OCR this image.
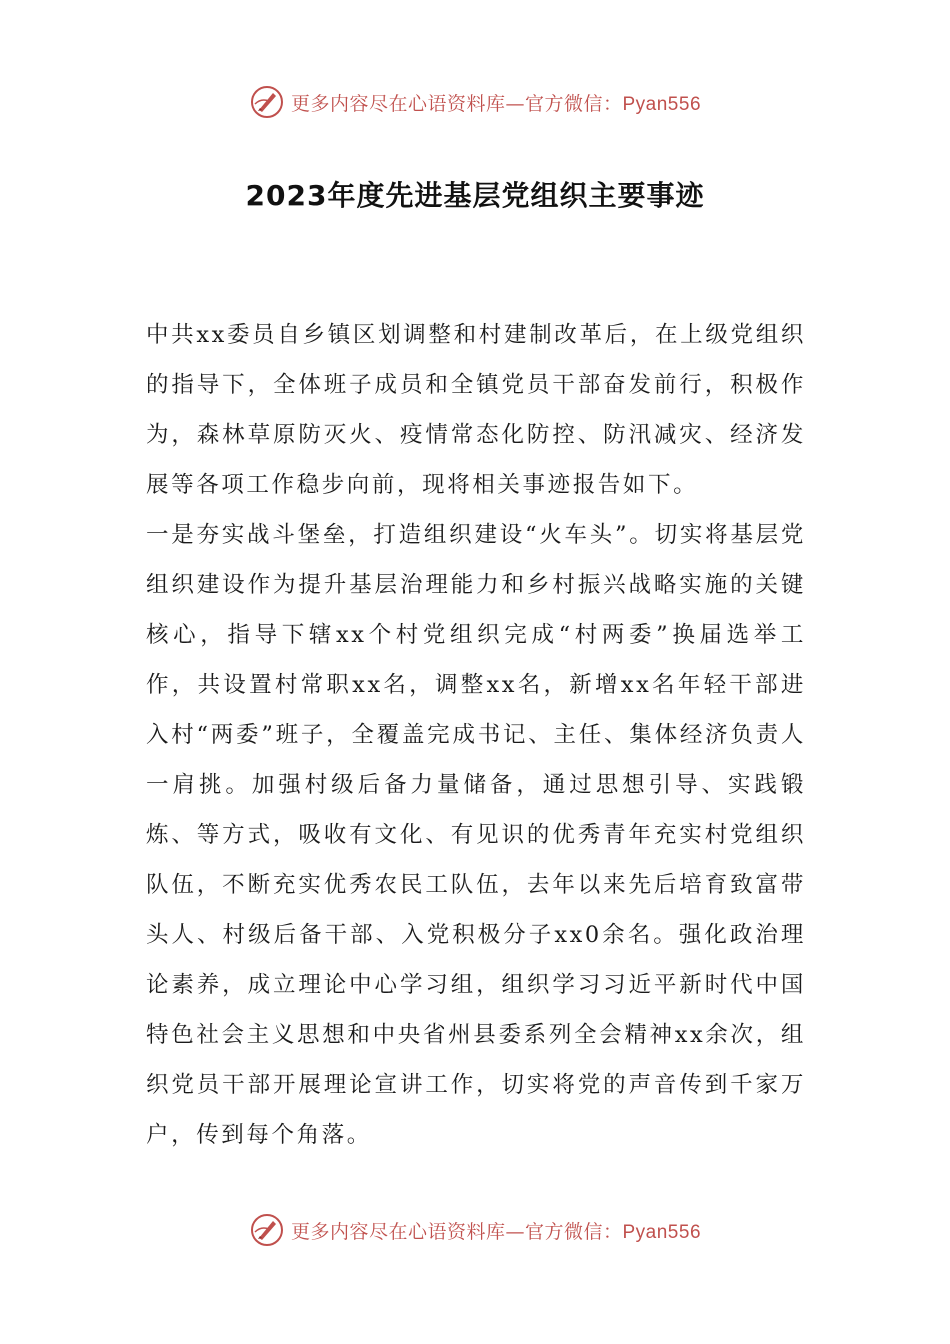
更多内容尽在心语资料库—官方微信：Pyan556
2023年度先进基层党组织主要事迹

中共xx委员自乡镇区划调整和村建制改革后，在上级党组织的指导下，全体班子成员和全镇党员干部奋发前行，积极作为，森林草原防灭火、疫情常态化防控、防汛减灾、经济发展等各项工作稳步向前，现将相关事迹报告如下。

一是夯实战斗堡垒，打造组织建设“火车头”。切实将基层党组织建设作为提升基层治理能力和乡村振兴战略实施的关键核心，指导下辖xx个村党组织完成“村两委”换届选举工作，共设置村常职xx名，调整xx名，新增xx名年轻干部进入村“两委”班子，全覆盖完成书记、主任、集体经济负责人一肩挑。加强村级后备力量储备，通过思想引导、实践锻炼、等方式，吸收有文化、有见识的优秀青年充实村党组织队伍，不断充实优秀农民工队伍，去年以来先后培育致富带头人、村级后备干部、入党积极分子xx0余名。强化政治理论素养，成立理论中心学习组，组织学习习近平新时代中国特色社会主义思想和中央省州县委系列全会精神xx余次，组织党员干部开展理论宣讲工作，切实将党的声音传到千家万户，传到每个角落。

更多内容尽在心语资料库—官方微信：Pyan556
